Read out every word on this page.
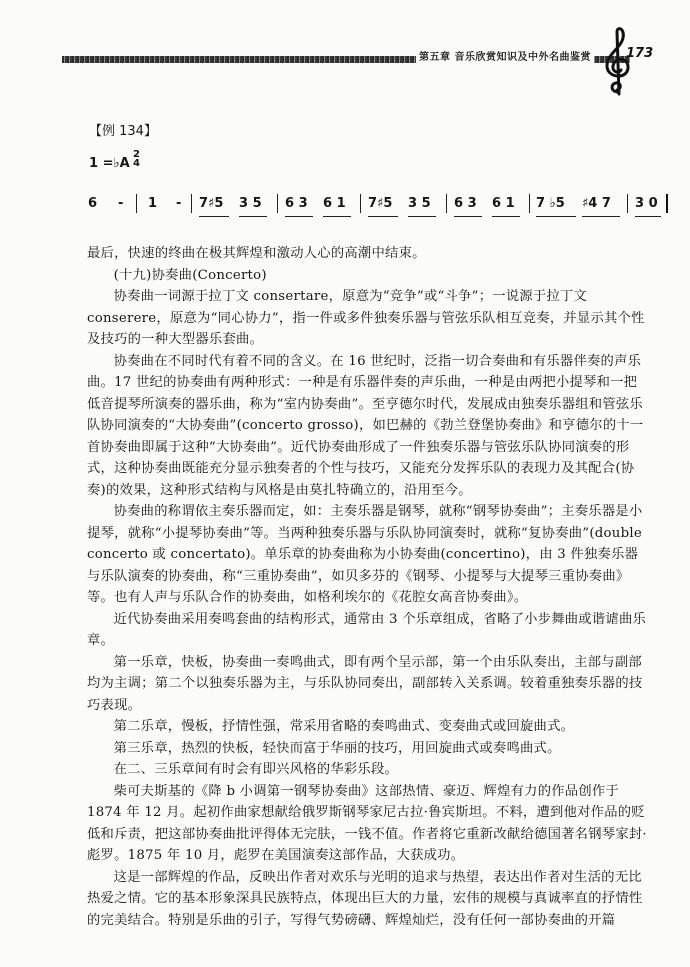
第五章 音乐欣赏知识及中外名曲鉴赏	173
【例 134】
1 =♭A
2
4
6 - 1 - 7♯5 3 5 6 3 6 1 7♯5 3 5 6 3 6 1 7 ♭5 ♯4 7 3 0

最后，快速的终曲在极其辉煌和激动人心的高潮中结束。

(十九)协奏曲(Concerto)

协奏曲一词源于拉丁文 consertare，原意为“竞争”或“斗争”；一说源于拉丁文 conserere，原意为“同心协力”，指一件或多件独奏乐器与管弦乐队相互竞奏，并显示其个性及技巧的一种大型器乐套曲。

协奏曲在不同时代有着不同的含义。在 16 世纪时，泛指一切合奏曲和有乐器伴奏的声乐曲。17 世纪的协奏曲有两种形式：一种是有乐器伴奏的声乐曲，一种是由两把小提琴和一把低音提琴所演奏的器乐曲，称为“室内协奏曲”。至亨德尔时代，发展成由独奏乐器组和管弦乐队协同演奏的“大协奏曲”(concerto grosso)，如巴赫的《勃兰登堡协奏曲》和亨德尔的十一首协奏曲即属于这种“大协奏曲”。近代协奏曲形成了一件独奏乐器与管弦乐队协同演奏的形式，这种协奏曲既能充分显示独奏者的个性与技巧，又能充分发挥乐队的表现力及其配合(协奏)的效果，这种形式结构与风格是由莫扎特确立的，沿用至今。

协奏曲的称谓依主奏乐器而定，如：主奏乐器是钢琴，就称“钢琴协奏曲”；主奏乐器是小提琴，就称“小提琴协奏曲”等。当两种独奏乐器与乐队协同演奏时，就称“复协奏曲”(double concerto 或 concertato)。单乐章的协奏曲称为小协奏曲(concertino)，由 3 件独奏乐器与乐队演奏的协奏曲，称“三重协奏曲”，如贝多芬的《钢琴、小提琴与大提琴三重协奏曲》等。也有人声与乐队合作的协奏曲，如格利埃尔的《花腔女高音协奏曲》。

近代协奏曲采用奏鸣套曲的结构形式，通常由 3 个乐章组成，省略了小步舞曲或谐谑曲乐章。

第一乐章，快板，协奏曲一奏鸣曲式，即有两个呈示部，第一个由乐队奏出，主部与副部均为主调；第二个以独奏乐器为主，与乐队协同奏出，副部转入关系调。较着重独奏乐器的技巧表现。

第二乐章，慢板，抒情性强，常采用省略的奏鸣曲式、变奏曲式或回旋曲式。

第三乐章，热烈的快板，轻快而富于华丽的技巧，用回旋曲式或奏鸣曲式。

在二、三乐章间有时会有即兴风格的华彩乐段。

柴可夫斯基的《降 b 小调第一钢琴协奏曲》这部热情、豪迈、辉煌有力的作品创作于 1874 年 12 月。起初作曲家想献给俄罗斯钢琴家尼古拉·鲁宾斯坦。不料，遭到他对作品的贬低和斥责，把这部协奏曲批评得体无完肤，一钱不值。作者将它重新改献给德国著名钢琴家封·彪罗。1875 年 10 月，彪罗在美国演奏这部作品，大获成功。

这是一部辉煌的作品，反映出作者对欢乐与光明的追求与热望，表达出作者对生活的无比热爱之情。它的基本形象深具民族特点，体现出巨大的力量，宏伟的规模与真诚率直的抒情性的完美结合。特别是乐曲的引子，写得气势磅礴、辉煌灿烂，没有任何一部协奏曲的开篇
